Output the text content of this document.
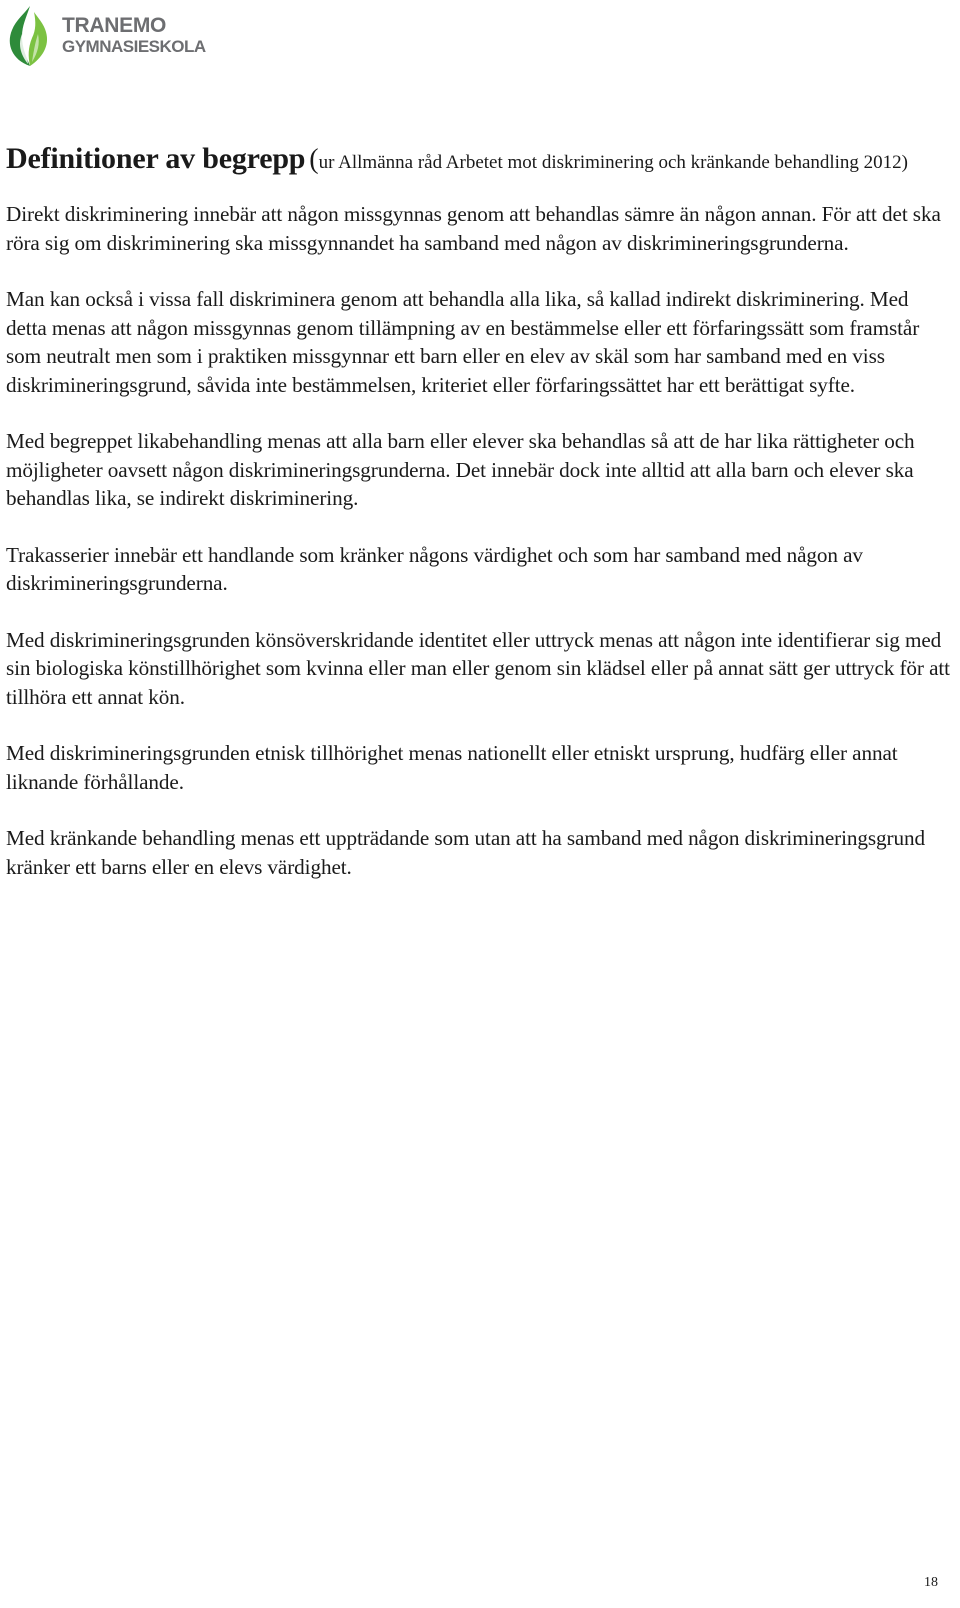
TRANEMO
GYMNASIESKOLA
Definitioner av begrepp (ur Allmänna råd Arbetet mot diskriminering och kränkande behandling 2012)

Direkt diskriminering innebär att någon missgynnas genom att behandlas sämre än någon annan. För att det ska röra sig om diskriminering ska missgynnandet ha samband med någon av diskrimineringsgrunderna.

Man kan också i vissa fall diskriminera genom att behandla alla lika, så kallad indirekt diskriminering. Med detta menas att någon missgynnas genom tillämpning av en bestämmelse eller ett förfaringssätt som framstår som neutralt men som i praktiken missgynnar ett barn eller en elev av skäl som har samband med en viss diskrimineringsgrund, såvida inte bestämmelsen, kriteriet eller förfaringssättet har ett berättigat syfte.

Med begreppet likabehandling menas att alla barn eller elever ska behandlas så att de har lika rättigheter och möjligheter oavsett någon diskrimineringsgrunderna. Det innebär dock inte alltid att alla barn och elever ska behandlas lika, se indirekt diskriminering.

Trakasserier innebär ett handlande som kränker någons värdighet och som har samband med någon av diskrimineringsgrunderna.

Med diskrimineringsgrunden könsöverskridande identitet eller uttryck menas att någon inte identifierar sig med sin biologiska könstillhörighet som kvinna eller man eller genom sin klädsel eller på annat sätt ger uttryck för att tillhöra ett annat kön.

Med diskrimineringsgrunden etnisk tillhörighet menas nationellt eller etniskt ursprung, hudfärg eller annat liknande förhållande.

Med kränkande behandling menas ett uppträdande som utan att ha samband med någon diskrimineringsgrund kränker ett barns eller en elevs värdighet.

18
